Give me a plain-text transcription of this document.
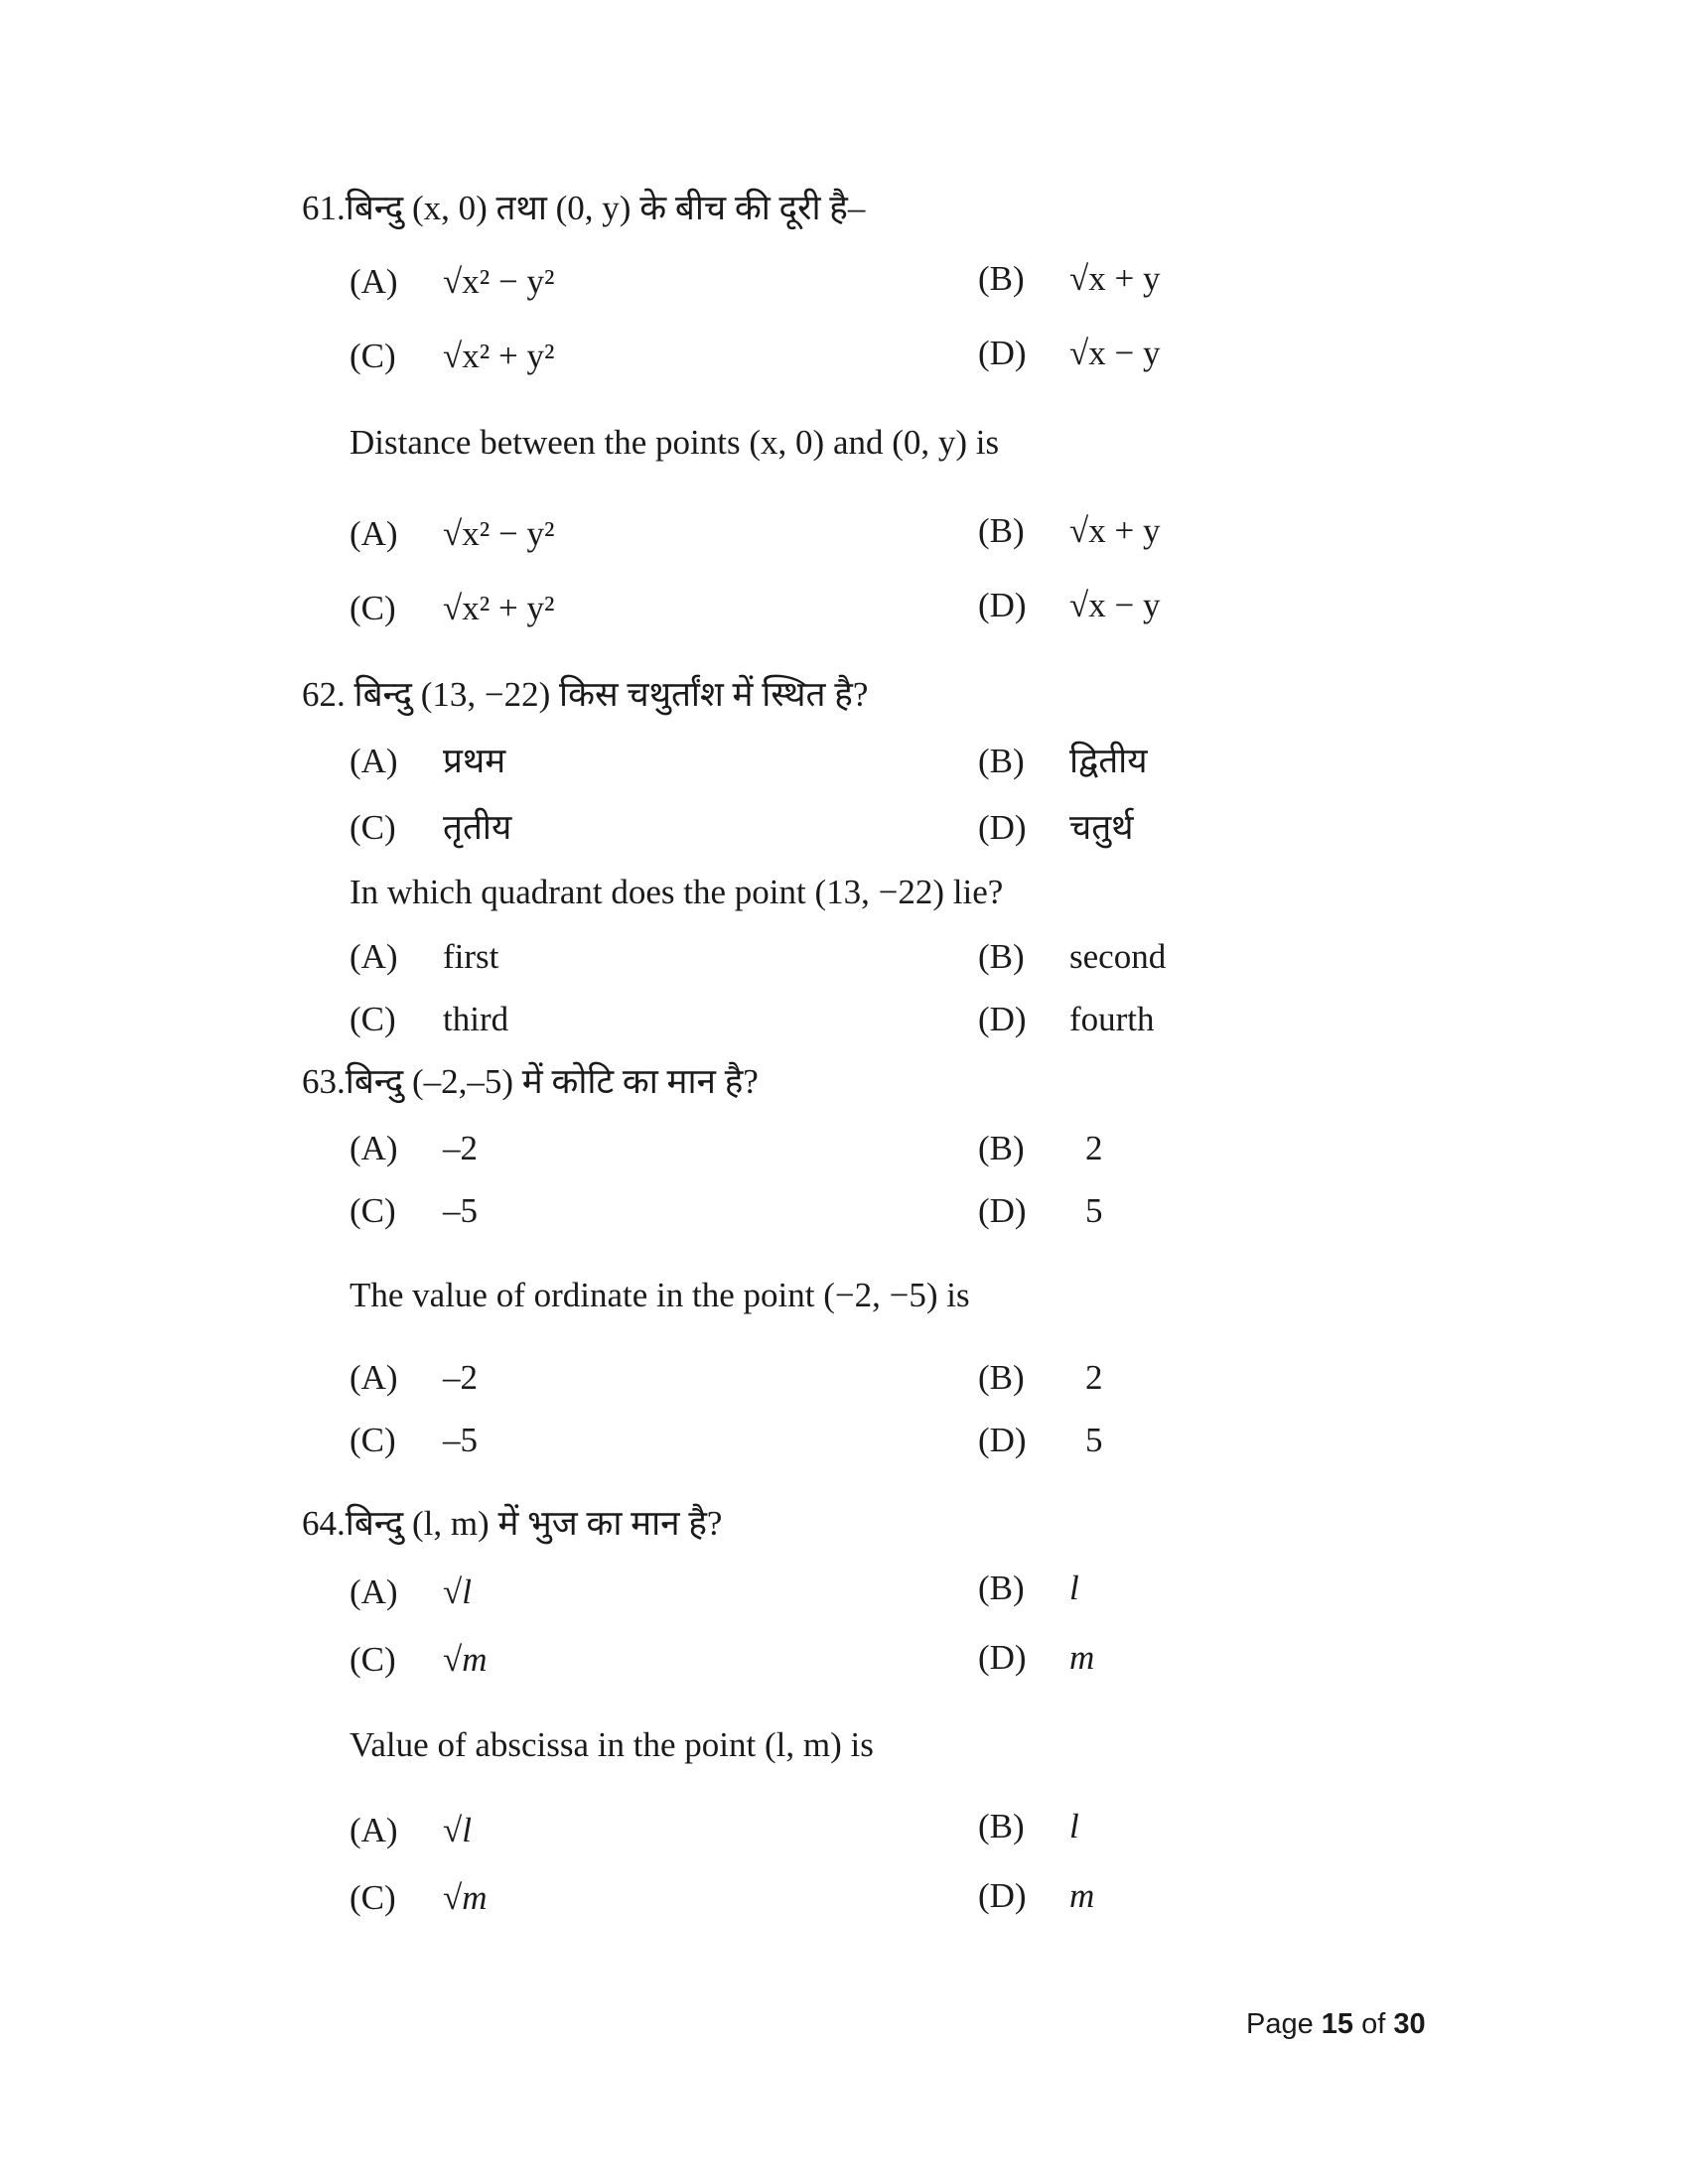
61.बिन्दु (x, 0) तथा (0, y) के बीच की दूरी है–
(A) √x² − y²	(B) √x + y
(C) √x² + y²	(D) √x − y
Distance between the points (x, 0) and (0, y) is
(A) √x² − y²	(B) √x + y
(C) √x² + y²	(D) √x − y
62. बिन्दु (13, −22) किस चथुर्तांश में स्थित है?
(A) प्रथम	(B) द्वितीय
(C) तृतीय	(D) चतुर्थ
In which quadrant does the point (13, −22) lie?
(A) first	(B) second
(C) third	(D) fourth
63.बिन्दु (–2,–5) में कोटि का मान है?
(A) –2	(B) 2
(C) –5	(D) 5
The value of ordinate in the point (−2, −5) is
(A) –2	(B) 2
(C) –5	(D) 5
64.बिन्दु (l, m) में भुज का मान है?
(A) √l	(B) l
(C) √m	(D) m
Value of abscissa in the point (l, m) is
(A) √l	(B) l
(C) √m	(D) m
Page 15 of 30
